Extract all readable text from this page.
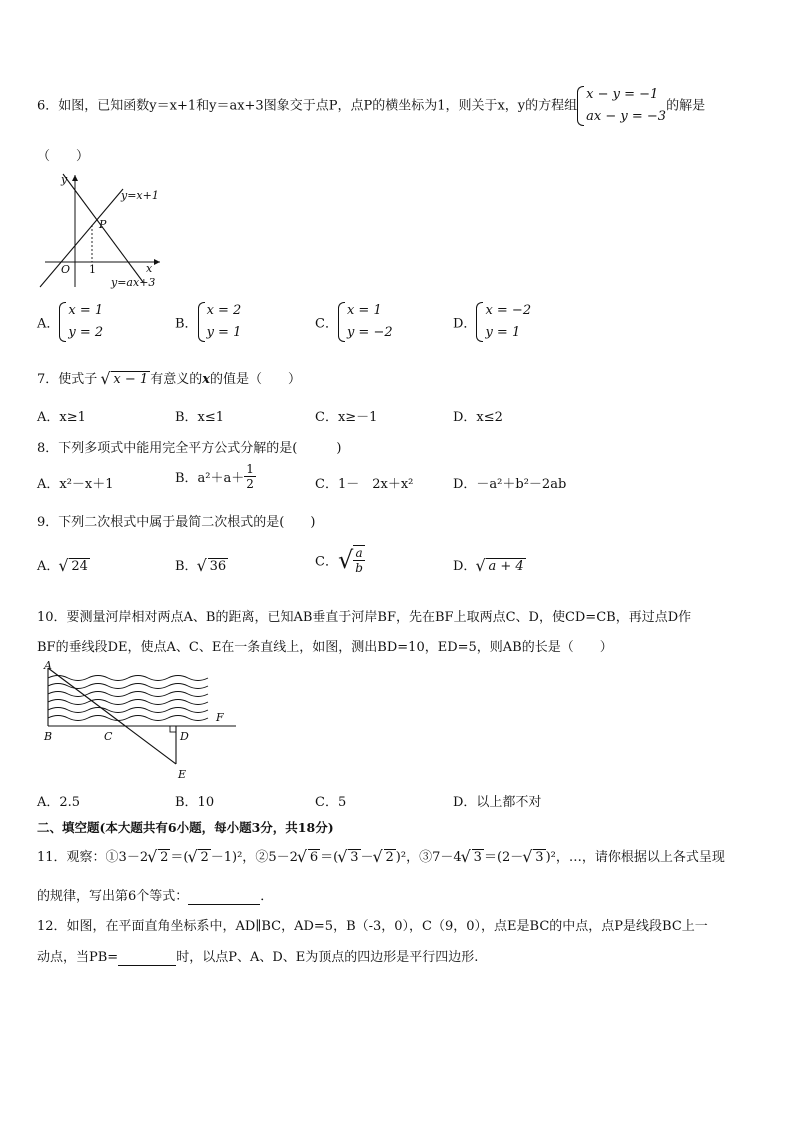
6．如图，已知函数y＝x+1和y＝ax+3图象交于点P，点P的横坐标为1，则关于x，y的方程组
x − y = −1
ax − y = −3
的解是
（　　）
y
x
O 1
P
y=x+1
y=ax+3
A．
x = 1
y = 2
B．
x = 2
y = 1
C．
x = 1
y = −2
D．
x = −2
y = 1
7．使式子 √ x − 1 有意义的x的值是（　　）
A．x≥1	B．x≤1	C．x≥－1	D．x≤2
8．下列多项式中能用完全平方公式分解的是(　　　)
A．x²－x＋1	B．$a^2+a+ \frac{1}{2}$	C．1－　2x＋x²	D．－a²＋b²－2ab
9．下列二次根式中属于最简二次根式的是(　　)
A． √ 24	B． √ 36	C．√ $\frac{a}{b}$	D． √ a + 4
10．要测量河岸相对两点A、B的距离，已知AB垂直于河岸BF，先在BF上取两点C、D，使CD=CB，再过点D作
BF的垂线段DE，使点A、C、E在一条直线上，如图，测出BD=10，ED=5，则AB的长是（　　）
A
B	C	D
E
F
A．2.5	B．10	C．5	D．以上都不对
二、填空题(本大题共有6小题，每小题3分，共18分)
11．观察：①3－2 √ 2 ＝( √ 2 －1)²，②5－2 √ 6 ＝( √ 3 － √ 2 )²，③7－4 √ 3 ＝(2－ √ 3 )²，…，请你根据以上各式呈现
的规律，写出第6个等式：	．
12．如图，在平面直角坐标系中，AD∥BC，AD=5，B（-3，0），C（9，0），点E是BC的中点，点P是线段BC上一
动点，当PB=	时，以点P、A、D、E为顶点的四边形是平行四边形.
